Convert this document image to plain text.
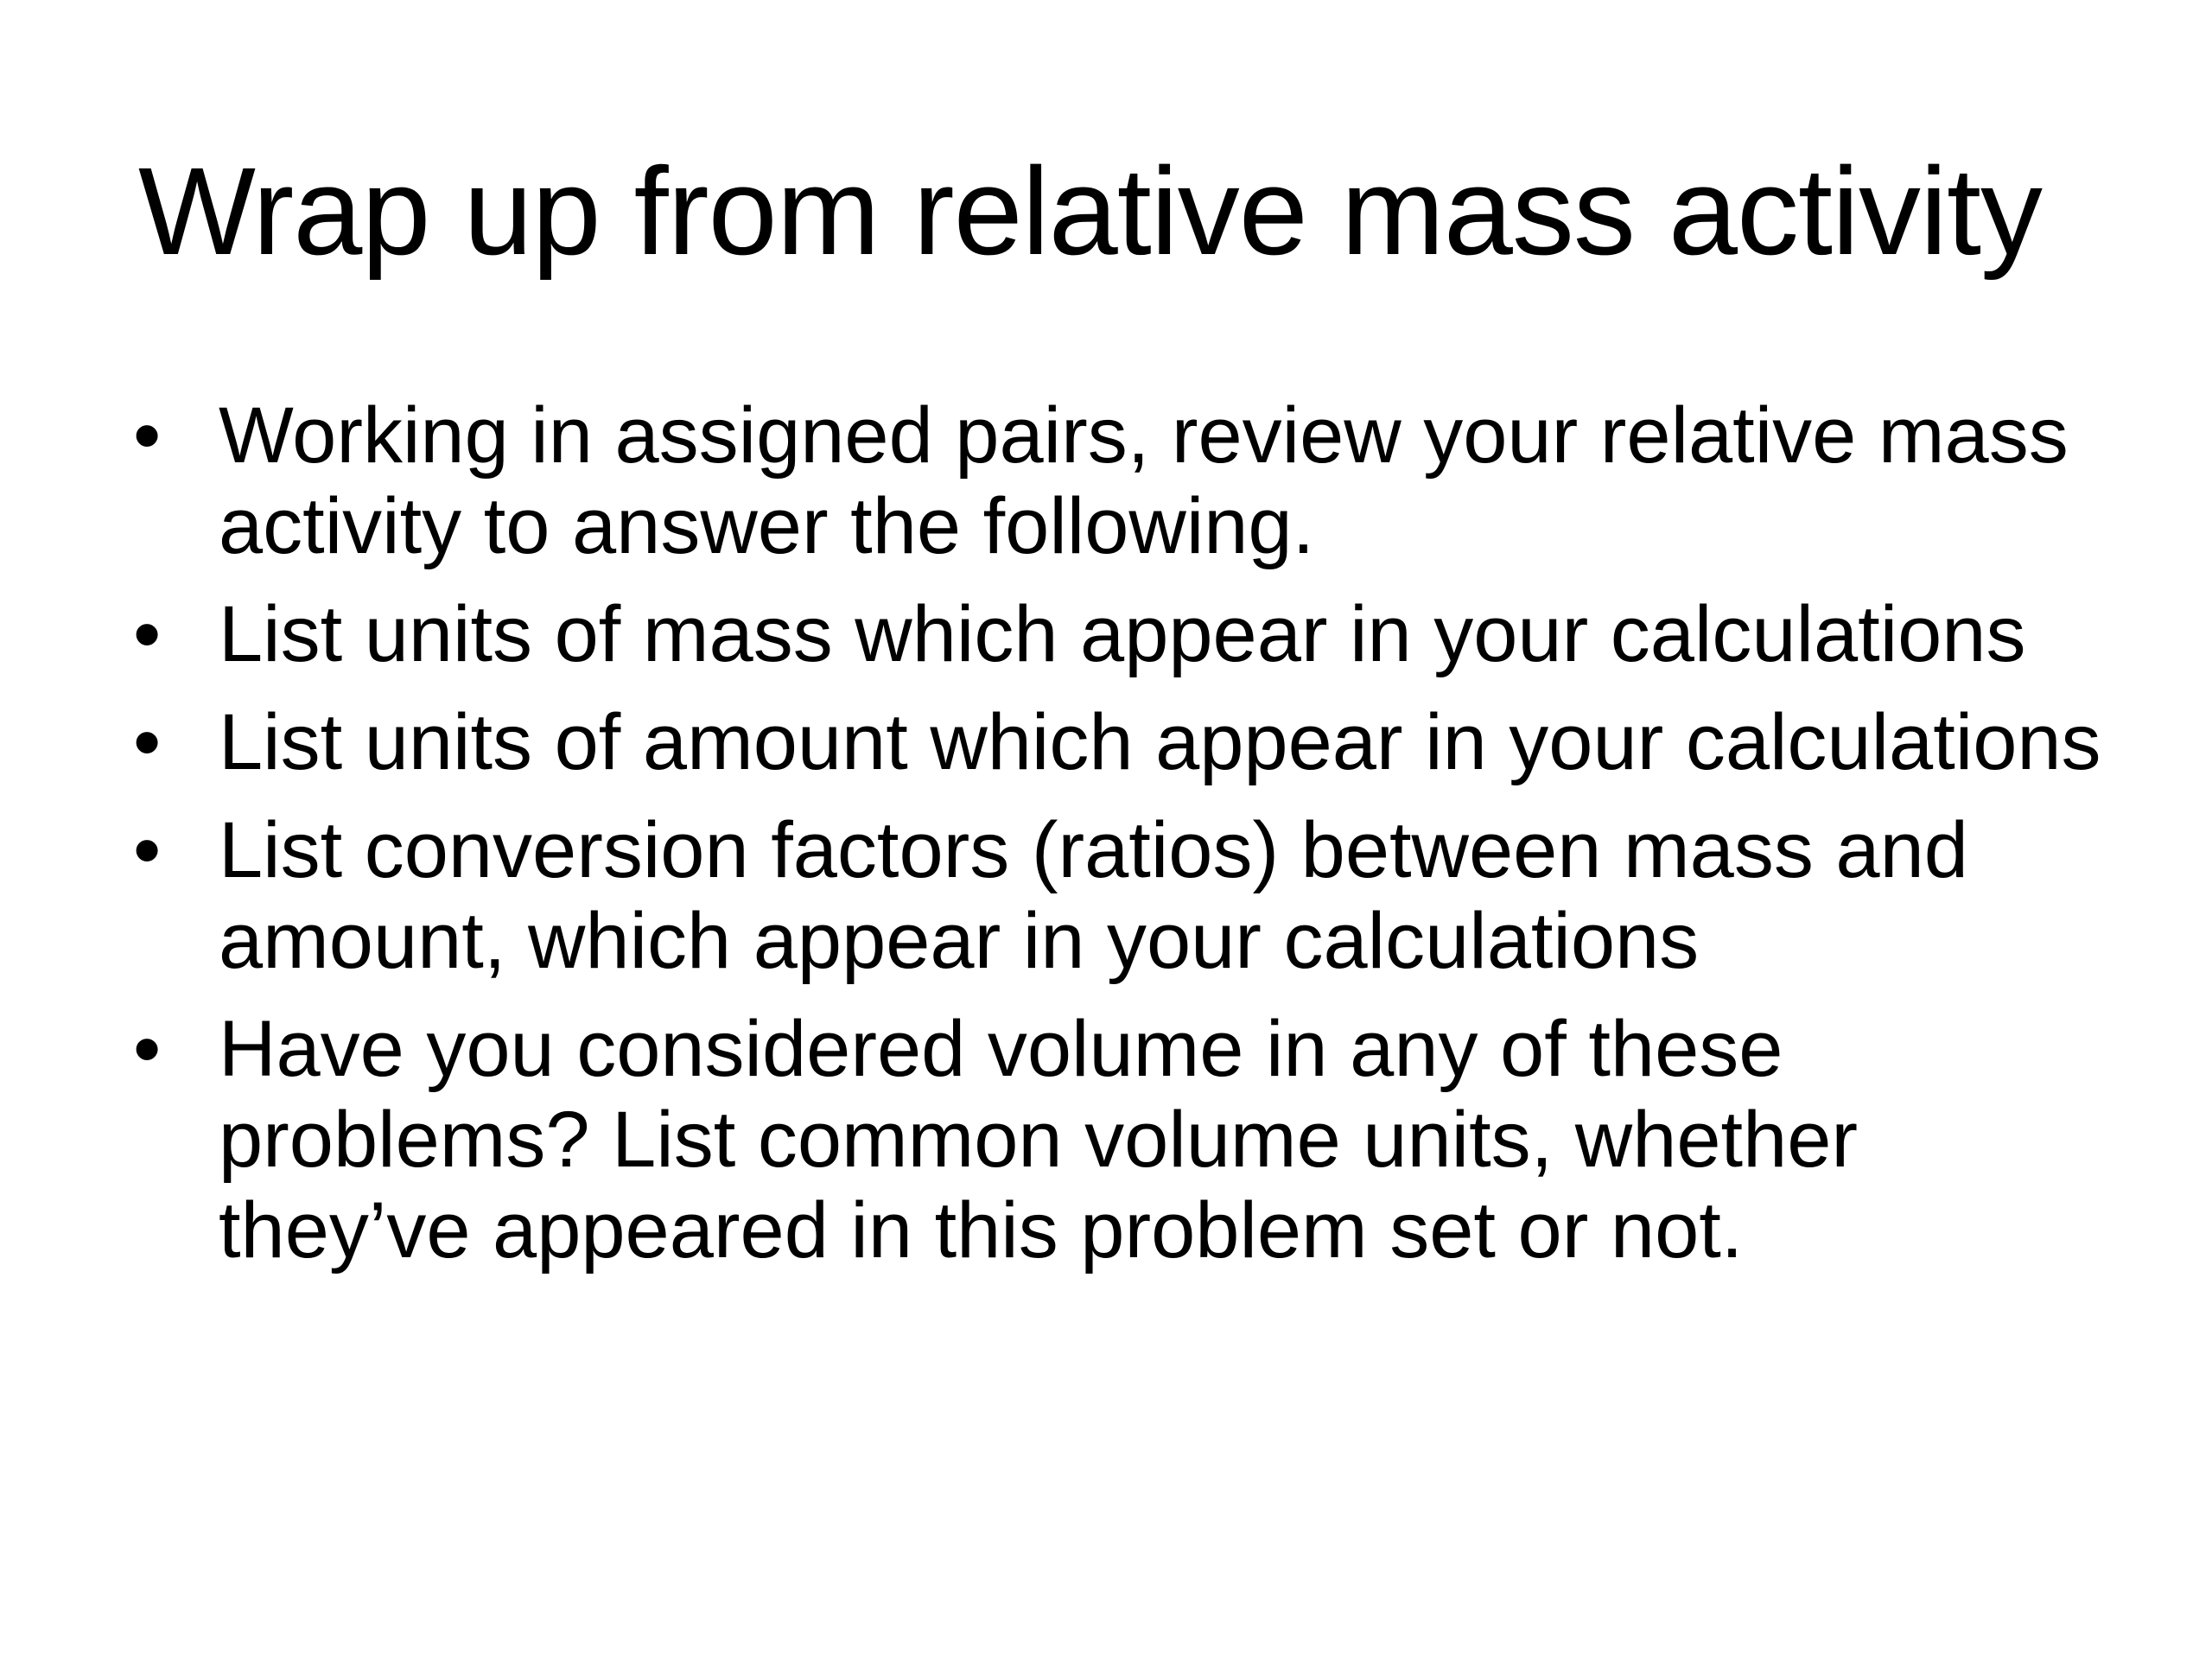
Wrap up from relative mass activity
• Working in assigned pairs, review your relative mass activity to answer the following.
• List units of mass which appear in your calculations
• List units of amount which appear in your calculations
• List conversion factors (ratios) between mass and amount, which appear in your calculations
• Have you considered volume in any of these problems? List common volume units, whether they’ve appeared in this problem set or not.
